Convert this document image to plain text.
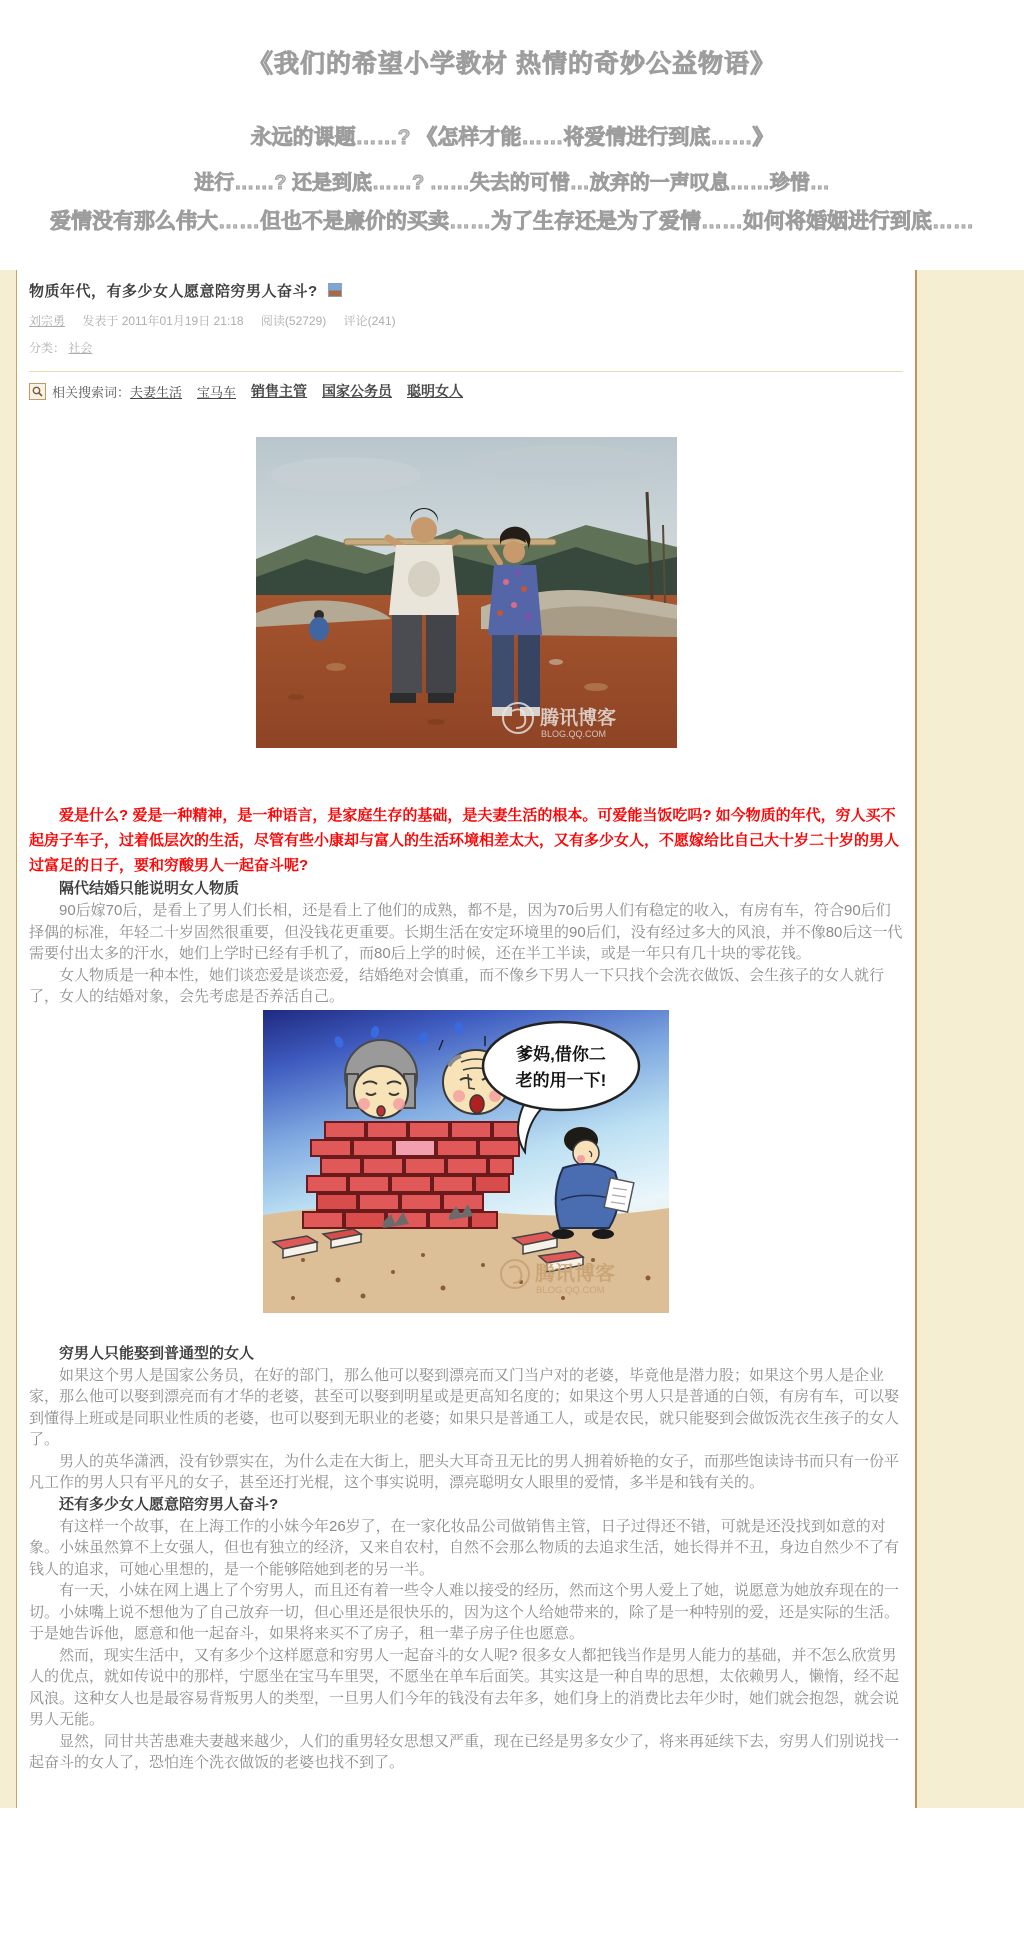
《我们的希望小学教材 热情的奇妙公益物语》
永远的课题……? 《怎样才能……将爱情进行到底……》
进行……? 还是到底……? ……失去的可惜…放弃的一声叹息……珍惜…
爱情没有那么伟大……但也不是廉价的买卖……为了生存还是为了爱情……如何将婚姻进行到底……
物质年代，有多少女人愿意陪穷男人奋斗?
刘宗勇 发表于 2011年01月19日 21:18 阅读(52729) 评论(241)
分类： 社会
相关搜索词： 夫妻生活 宝马车 销售主管 国家公务员 聪明女人
腾讯博客
BLOG.QQ.COM
爱是什么? 爱是一种精神，是一种语言，是家庭生存的基础，是夫妻生活的根本。可爱能当饭吃吗? 如今物质的年代，穷人买不起房子车子，过着低层次的生活，尽管有些小康却与富人的生活环境相差太大，又有多少女人，不愿嫁给比自己大十岁二十岁的男人过富足的日子，要和穷酸男人一起奋斗呢?
隔代结婚只能说明女人物质
90后嫁70后，是看上了男人们长相，还是看上了他们的成熟，都不是，因为70后男人们有稳定的收入，有房有车，符合90后们择偶的标准，年轻二十岁固然很重要，但没钱花更重要。长期生活在安定环境里的90后们，没有经过多大的风浪，并不像80后这一代需要付出太多的汗水，她们上学时已经有手机了，而80后上学的时候，还在半工半读，或是一年只有几十块的零花钱。
女人物质是一种本性，她们谈恋爱是谈恋爱，结婚绝对会慎重，而不像乡下男人一下只找个会洗衣做饭、会生孩子的女人就行了，女人的结婚对象，会先考虑是否养活自己。
爹妈,借你二
老的用一下!
腾讯博客
BLOG.QQ.COM
穷男人只能娶到普通型的女人
如果这个男人是国家公务员，在好的部门，那么他可以娶到漂亮而又门当户对的老婆，毕竟他是潜力股；如果这个男人是企业家，那么他可以娶到漂亮而有才华的老婆，甚至可以娶到明星或是更高知名度的；如果这个男人只是普通的白领，有房有车，可以娶到懂得上班或是同职业性质的老婆，也可以娶到无职业的老婆；如果只是普通工人，或是农民，就只能娶到会做饭洗衣生孩子的女人了。
男人的英华潇洒，没有钞票实在，为什么走在大街上，肥头大耳奇丑无比的男人拥着娇艳的女子，而那些饱读诗书而只有一份平凡工作的男人只有平凡的女子，甚至还打光棍，这个事实说明，漂亮聪明女人眼里的爱情，多半是和钱有关的。
还有多少女人愿意陪穷男人奋斗?
有这样一个故事，在上海工作的小妹今年26岁了，在一家化妆品公司做销售主管，日子过得还不错，可就是还没找到如意的对象。小妹虽然算不上女强人，但也有独立的经济，又来自农村，自然不会那么物质的去追求生活，她长得并不丑，身边自然少不了有钱人的追求，可她心里想的，是一个能够陪她到老的另一半。
有一天，小妹在网上遇上了个穷男人，而且还有着一些令人难以接受的经历，然而这个男人爱上了她，说愿意为她放弃现在的一切。小妹嘴上说不想他为了自己放弃一切，但心里还是很快乐的，因为这个人给她带来的，除了是一种特别的爱，还是实际的生活。于是她告诉他，愿意和他一起奋斗，如果将来买不了房子，租一辈子房子住也愿意。
然而，现实生活中，又有多少个这样愿意和穷男人一起奋斗的女人呢? 很多女人都把钱当作是男人能力的基础，并不怎么欣赏男人的优点，就如传说中的那样，宁愿坐在宝马车里哭，不愿坐在单车后面笑。其实这是一种自卑的思想，太依赖男人，懒惰，经不起风浪。这种女人也是最容易背叛男人的类型，一旦男人们今年的钱没有去年多，她们身上的消费比去年少时，她们就会抱怨，就会说男人无能。
显然，同甘共苦患难夫妻越来越少，人们的重男轻女思想又严重，现在已经是男多女少了，将来再延续下去，穷男人们别说找一起奋斗的女人了，恐怕连个洗衣做饭的老婆也找不到了。
